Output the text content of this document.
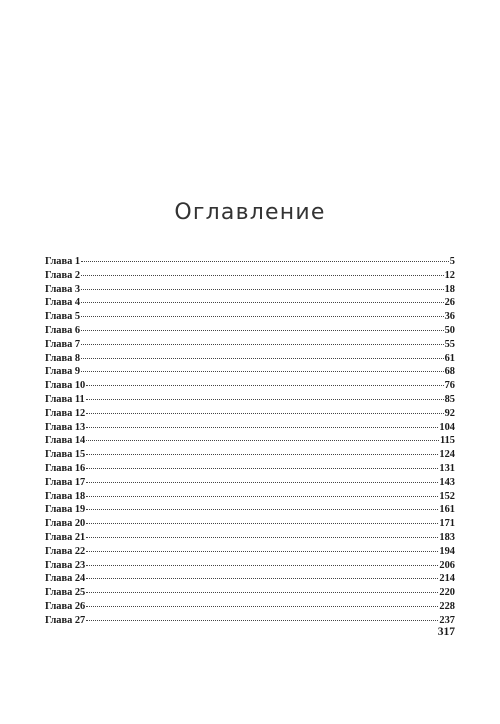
Оглавление
Глава 1	5
Глава 2	12
Глава 3	18
Глава 4	26
Глава 5	36
Глава 6	50
Глава 7	55
Глава 8	61
Глава 9	68
Глава 10	76
Глава 11	85
Глава 12	92
Глава 13	104
Глава 14	115
Глава 15	124
Глава 16	131
Глава 17	143
Глава 18	152
Глава 19	161
Глава 20	171
Глава 21	183
Глава 22	194
Глава 23	206
Глава 24	214
Глава 25	220
Глава 26	228
Глава 27	237
317
